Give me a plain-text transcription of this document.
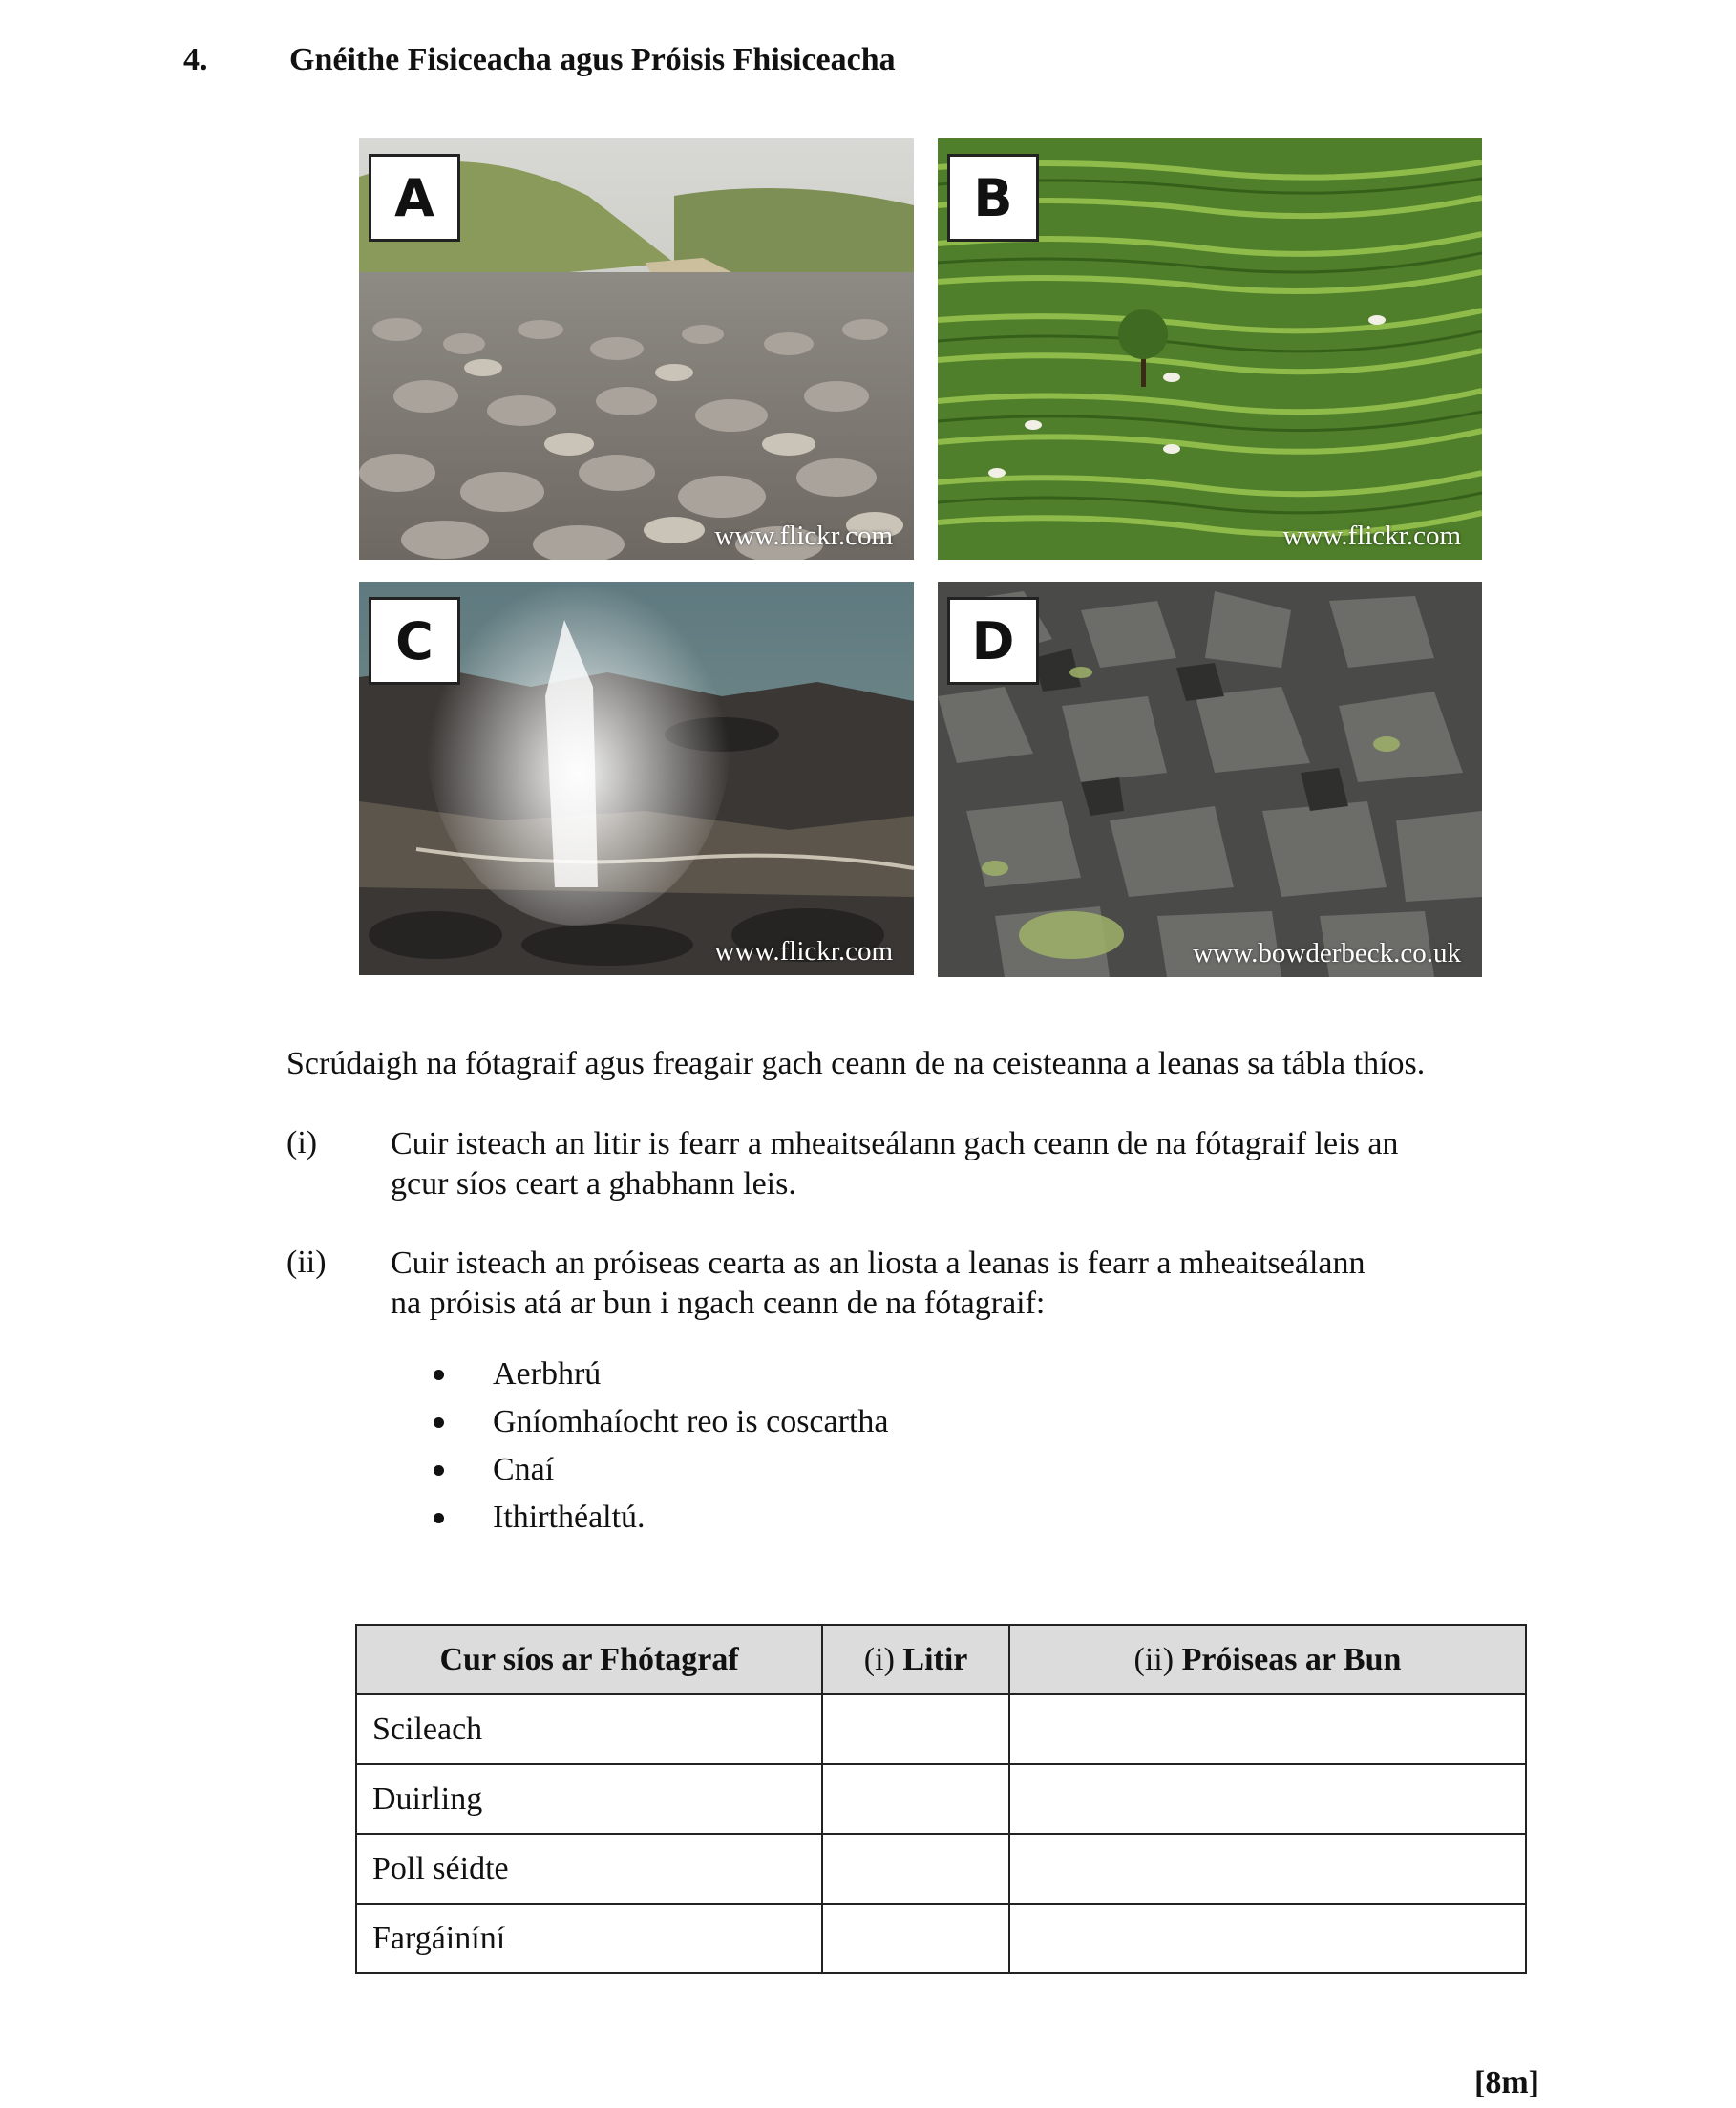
4.	Gnéithe Fisiceacha agus Próisis Fhisiceacha
A
www.flickr.com
B
www.flickr.com
C
www.flickr.com
D
www.bowderbeck.co.uk
Scrúdaigh na fótagraif agus freagair gach ceann de na ceisteanna a leanas sa tábla thíos.
(i) Cuir isteach an litir is fearr a mheaitseálann gach ceann de na fótagraif leis an
gcur síos ceart a ghabhann leis.
(ii) Cuir isteach an próiseas cearta as an liosta a leanas is fearr a mheaitseálann
na próisis atá ar bun i ngach ceann de na fótagraif:
Aerbhrú
Gníomhaíocht reo is coscartha
Cnaí
Ithirthéaltú.
Cur síos ar Fhótagraf	(i) Litir	(ii) Próiseas ar Bun
Scileach		
Duirling		
Poll séidte		
Fargáiníní		
[8m]
